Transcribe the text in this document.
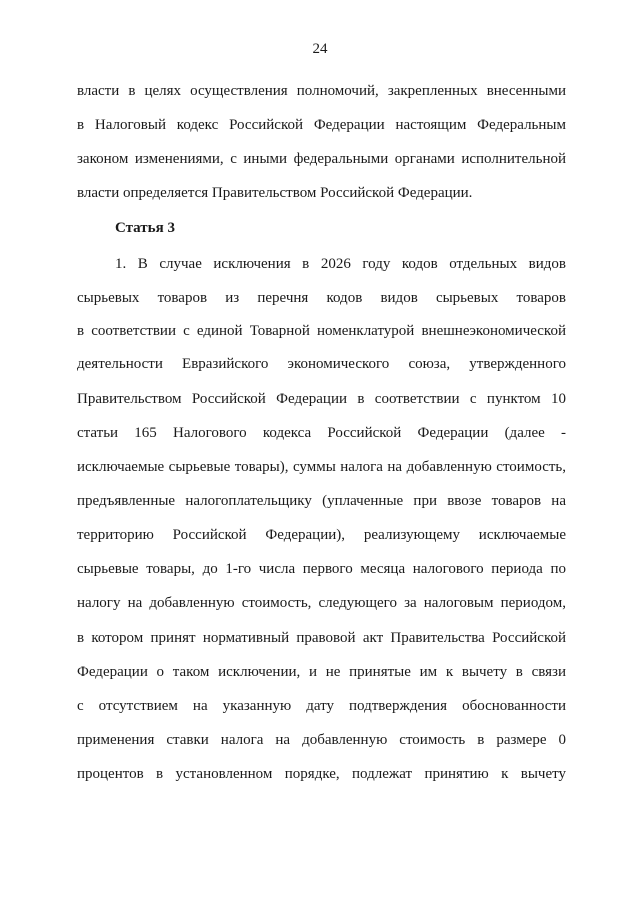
24
власти в целях осуществления полномочий, закрепленных внесенными
в Налоговый кодекс Российской Федерации настоящим Федеральным
законом изменениями, с иными федеральными органами исполнительной
власти определяется Правительством Российской Федерации.
Статья 3
1. В случае исключения в 2026 году кодов отдельных видов
сырьевых товаров из перечня кодов видов сырьевых товаров
в соответствии с единой Товарной номенклатурой внешнеэкономической
деятельности Евразийского экономического союза, утвержденного
Правительством Российской Федерации в соответствии с пунктом 10
статьи 165 Налогового кодекса Российской Федерации (далее -
исключаемые сырьевые товары), суммы налога на добавленную стоимость,
предъявленные налогоплательщику (уплаченные при ввозе товаров на
территорию Российской Федерации), реализующему исключаемые
сырьевые товары, до 1-го числа первого месяца налогового периода по
налогу на добавленную стоимость, следующего за налоговым периодом,
в котором принят нормативный правовой акт Правительства Российской
Федерации о таком исключении, и не принятые им к вычету в связи
с отсутствием на указанную дату подтверждения обоснованности
применения ставки налога на добавленную стоимость в размере 0
процентов в установленном порядке, подлежат принятию к вычету
